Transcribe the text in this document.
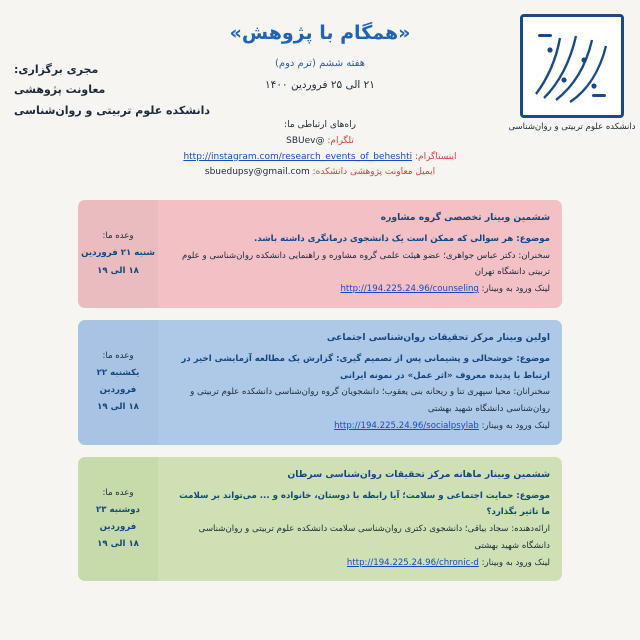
دانشکده علوم تربیتی و روان‌شناسی
«همگام با پژوهش»
هفته ششم (ترم دوم)
۲۱ الی ۲۵ فروردین ۱۴۰۰
مجری برگزاری:
معاونت پژوهشی
دانشکده علوم تربیتی و روان‌شناسی
راه‌های ارتباطی ما:
تلگرام: @SBUev
اینستاگرام: http://instagram.com/research_events_of_beheshti
ایمیل معاونت پژوهشی دانشکده: sbuedupsy@gmail.com
ششمین وبینار تخصصی گروه مشاوره
موضوع: هر سوالی که ممکن است یک دانشجوی درمانگری داشته باشد.
سخنران: دکتر عباس جواهری؛ عضو هیئت علمی گروه مشاوره و راهنمایی دانشکده روان‌شناسی و علوم تربیتی دانشگاه تهران
لینک ورود به وبینار: http://194.225.24.96/counseling
وعده ما:
شنبه ۲۱ فروردین
۱۸ الی ۱۹
اولین وبینار مرکز تحقیقات روان‌شناسی اجتماعی
موضوع: خوشحالی و پشیمانی پس از تصمیم گیری: گزارش یک مطالعه آزمایشی اخیر در ارتباط با پدیده معروف «اثر عمل» در نمونه ایرانی
سخنرانان: محیا سپهری تنا و ریحانه بنی یعقوب؛ دانشجویان گروه روان‌شناسی دانشکده علوم تربیتی و روان‌شناسی دانشگاه شهید بهشتی
لینک ورود به وبینار: http://194.225.24.96/socialpsylab
وعده ما:
یکشنبه ۲۲ فروردین
۱۸ الی ۱۹
ششمین وبینار ماهانه مرکز تحقیقات روان‌شناسی سرطان
موضوع: حمایت اجتماعی و سلامت؛ آیا رابطه با دوستان، خانواده و ... می‌تواند بر سلامت ما تاثیر بگذارد؟
ارائه‌دهنده: سجاد بیاقی؛ دانشجوی دکتری روان‌شناسی سلامت دانشکده علوم تربیتی و روان‌شناسی دانشگاه شهید بهشتی
لینک ورود به وبینار: http://194.225.24.96/chronic-d
وعده ما:
دوشنبه ۲۳ فروردین
۱۸ الی ۱۹
